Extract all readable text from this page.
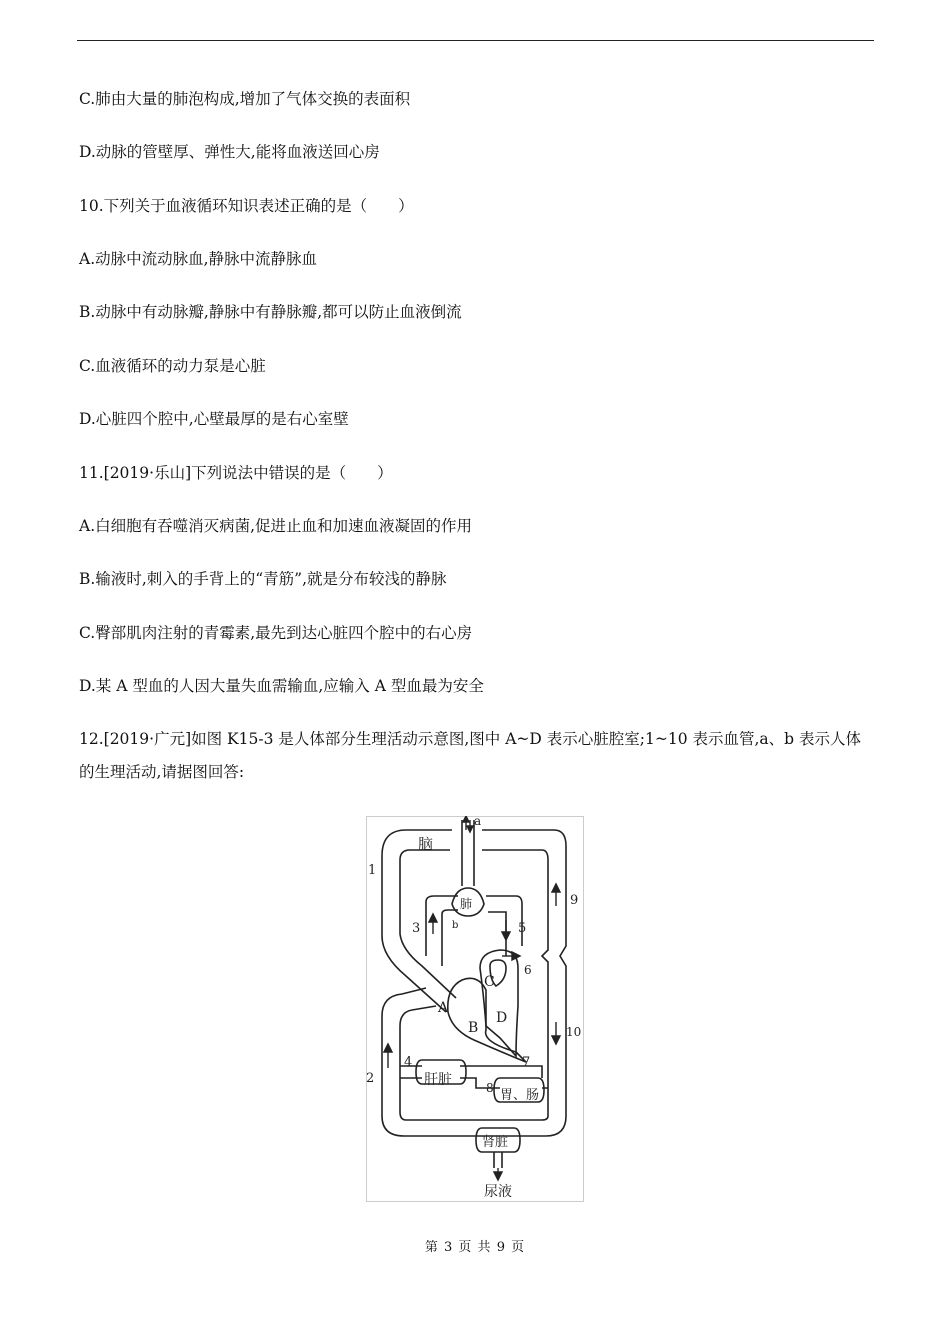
C.肺由大量的肺泡构成,增加了气体交换的表面积
D.动脉的管壁厚、弹性大,能将血液送回心房
10.下列关于血液循环知识表述正确的是（　　）
A.动脉中流动脉血,静脉中流静脉血
B.动脉中有动脉瓣,静脉中有静脉瓣,都可以防止血液倒流
C.血液循环的动力泵是心脏
D.心脏四个腔中,心壁最厚的是右心室壁
11.[2019·乐山]下列说法中错误的是（　　）
A.白细胞有吞噬消灭病菌,促进止血和加速血液凝固的作用
B.输液时,刺入的手背上的“青筋”,就是分布较浅的静脉
C.臀部肌肉注射的青霉素,最先到达心脏四个腔中的右心房
D.某 A 型血的人因大量失血需输血,应输入 A 型血最为安全
12.[2019·广元]如图 K15-3 是人体部分生理活动示意图,图中 A~D 表示心脏腔室;1~10 表示血管,a、b 表示人体的生理活动,请据图回答:
脑
肺
肝脏
胃、肠
肾脏
尿液
A
B
C
D
a
b
1
2
3
4
5
6
7
8
9
10
第 3 页 共 9 页
